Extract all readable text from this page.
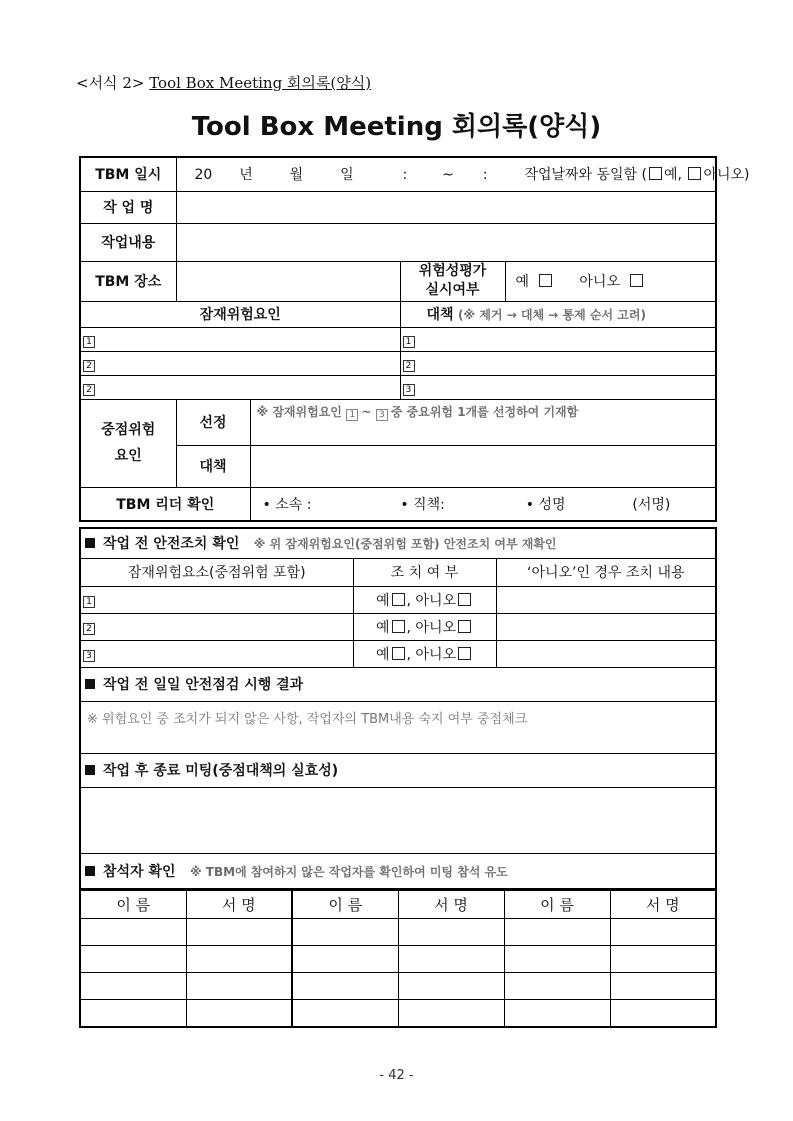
<서식 2> Tool Box Meeting 회의록(양식)
Tool Box Meeting 회의록(양식)
TBM 일시	20 년 월 일 : ~ : 작업날짜와 동일함 ( 예, 아니오)			
작 업 명				
작업내용				
TBM 장소			위험성평가 실시여부	예 아니오
잠재위험요인			대책 (※ 제거 → 대체 → 통제 순서 고려)	
1			1	
2			2	
2			3	
중점위험
요인	선정	※ 잠재위험요인 1 ~ 3 중 중요위험 1개를 선정하여 기재함		
	대책			
TBM 리더 확인		• 소속 : • 직책: • 성명 (서명)		
작업 전 안전조치 확인 ※ 위 잠재위험요인(중점위험 포함) 안전조치 여부 재확인		
잠재위험요소(중점위험 포함)	조 치 여 부	‘아니오’인 경우 조치 내용
1	예 , 아니오	
2	예 , 아니오	
3	예 , 아니오	
작업 전 일일 안전점검 시행 결과		
※ 위험요인 중 조치가 되지 않은 사항, 작업자의 TBM내용 숙지 여부 중점체크		
작업 후 종료 미팅(중점대책의 실효성)		

참석자 확인 ※ TBM에 참여하지 않은 작업자를 확인하여 미팅 참석 유도		
이 름	서 명	이 름	서 명	이 름	서 명

- 42 -
